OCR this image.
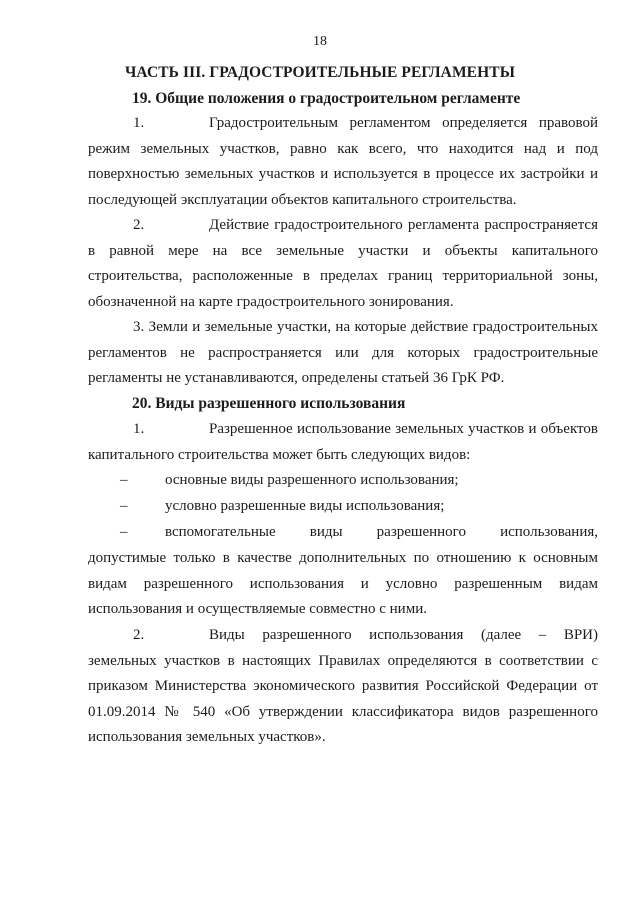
18
ЧАСТЬ III. ГРАДОСТРОИТЕЛЬНЫЕ РЕГЛАМЕНТЫ
19. Общие положения о градостроительном регламенте

1.	Градостроительным регламентом определяется правовой режим земельных участков, равно как всего, что находится над и под поверхностью земельных участков и используется в процессе их застройки и последующей эксплуатации объектов капитального строительства.

2.	Действие градостроительного регламента распространяется в равной мере на все земельные участки и объекты капитального строительства, расположенные в пределах границ территориальной зоны, обозначенной на карте градостроительного зонирования.

3. Земли и земельные участки, на которые действие градостроительных регламентов не распространяется или для которых градостроительные регламенты не устанавливаются, определены статьей 36 ГрК РФ.

20. Виды разрешенного использования

1.	Разрешенное использование земельных участков и объектов капитального строительства может быть следующих видов:

–	основные виды разрешенного использования;
–	условно разрешенные виды использования;
–	вспомогательные виды разрешенного использования,

допустимые только в качестве дополнительных по отношению к основным видам разрешенного использования и условно разрешенным видам использования и осуществляемые совместно с ними.

2.	Виды разрешенного использования (далее – ВРИ) земельных участков в настоящих Правилах определяются в соответствии с приказом Министерства экономического развития Российской Федерации от 01.09.2014 № 540 «Об утверждении классификатора видов разрешенного использования земельных участков».
